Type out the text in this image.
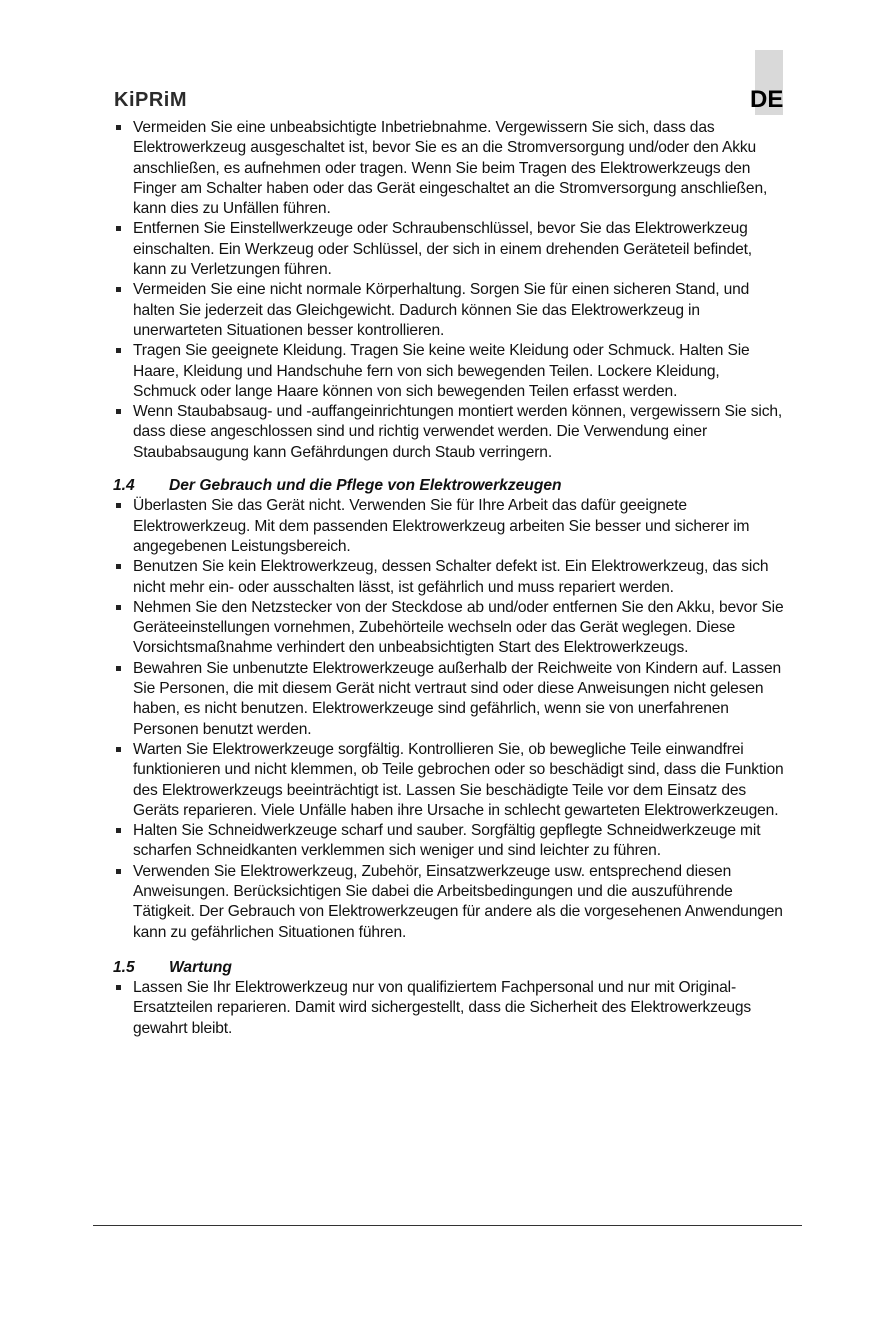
DE
KiPRiM
Vermeiden Sie eine unbeabsichtigte Inbetriebnahme. Vergewissern Sie sich, dass das Elektrowerkzeug ausgeschaltet ist, bevor Sie es an die Stromversorgung und/oder den Akku anschließen, es aufnehmen oder tragen. Wenn Sie beim Tragen des Elektrowerkzeugs den Finger am Schalter haben oder das Gerät eingeschaltet an die Stromversorgung anschließen, kann dies zu Unfällen führen.
Entfernen Sie Einstellwerkzeuge oder Schraubenschlüssel, bevor Sie das Elektrowerkzeug einschalten. Ein Werkzeug oder Schlüssel, der sich in einem drehenden Geräteteil befindet, kann zu Verletzungen führen.
Vermeiden Sie eine nicht normale Körperhaltung. Sorgen Sie für einen sicheren Stand, und halten Sie jederzeit das Gleichgewicht. Dadurch können Sie das Elektrowerkzeug in unerwarteten Situationen besser kontrollieren.
Tragen Sie geeignete Kleidung. Tragen Sie keine weite Kleidung oder Schmuck. Halten Sie Haare, Kleidung und Handschuhe fern von sich bewegenden Teilen. Lockere Kleidung, Schmuck oder lange Haare können von sich bewegenden Teilen erfasst werden.
Wenn Staubabsaug- und -auffangeinrichtungen montiert werden können, vergewissern Sie sich, dass diese angeschlossen sind und richtig verwendet werden. Die Verwendung einer Staubabsaugung kann Gefährdungen durch Staub verringern.
1.4	Der Gebrauch und die Pflege von Elektrowerkzeugen
Überlasten Sie das Gerät nicht. Verwenden Sie für Ihre Arbeit das dafür geeignete Elektrowerkzeug. Mit dem passenden Elektrowerkzeug arbeiten Sie besser und sicherer im angegebenen Leistungsbereich.
Benutzen Sie kein Elektrowerkzeug, dessen Schalter defekt ist. Ein Elektrowerkzeug, das sich nicht mehr ein- oder ausschalten lässt, ist gefährlich und muss repariert werden.
Nehmen Sie den Netzstecker von der Steckdose ab und/oder entfernen Sie den Akku, bevor Sie Geräteeinstellungen vornehmen, Zubehörteile wechseln oder das Gerät weglegen. Diese Vorsichtsmaßnahme verhindert den unbeabsichtigten Start des Elektrowerkzeugs.
Bewahren Sie unbenutzte Elektrowerkzeuge außerhalb der Reichweite von Kindern auf. Lassen Sie Personen, die mit diesem Gerät nicht vertraut sind oder diese Anweisungen nicht gelesen haben, es nicht benutzen. Elektrowerkzeuge sind gefährlich, wenn sie von unerfahrenen Personen benutzt werden.
Warten Sie Elektrowerkzeuge sorgfältig. Kontrollieren Sie, ob bewegliche Teile einwandfrei funktionieren und nicht klemmen, ob Teile gebrochen oder so beschädigt sind, dass die Funktion des Elektrowerkzeugs beeinträchtigt ist. Lassen Sie beschädigte Teile vor dem Einsatz des Geräts reparieren. Viele Unfälle haben ihre Ursache in schlecht gewarteten Elektrowerkzeugen.
Halten Sie Schneidwerkzeuge scharf und sauber. Sorgfältig gepflegte Schneidwerkzeuge mit scharfen Schneidkanten verklemmen sich weniger und sind leichter zu führen.
Verwenden Sie Elektrowerkzeug, Zubehör, Einsatzwerkzeuge usw. entsprechend diesen Anweisungen. Berücksichtigen Sie dabei die Arbeitsbedingungen und die auszuführende Tätigkeit. Der Gebrauch von Elektrowerkzeugen für andere als die vorgesehenen Anwendungen kann zu gefährlichen Situationen führen.
1.5	Wartung
Lassen Sie Ihr Elektrowerkzeug nur von qualifiziertem Fachpersonal und nur mit Original-Ersatzteilen reparieren. Damit wird sichergestellt, dass die Sicherheit des Elektrowerkzeugs gewahrt bleibt.
